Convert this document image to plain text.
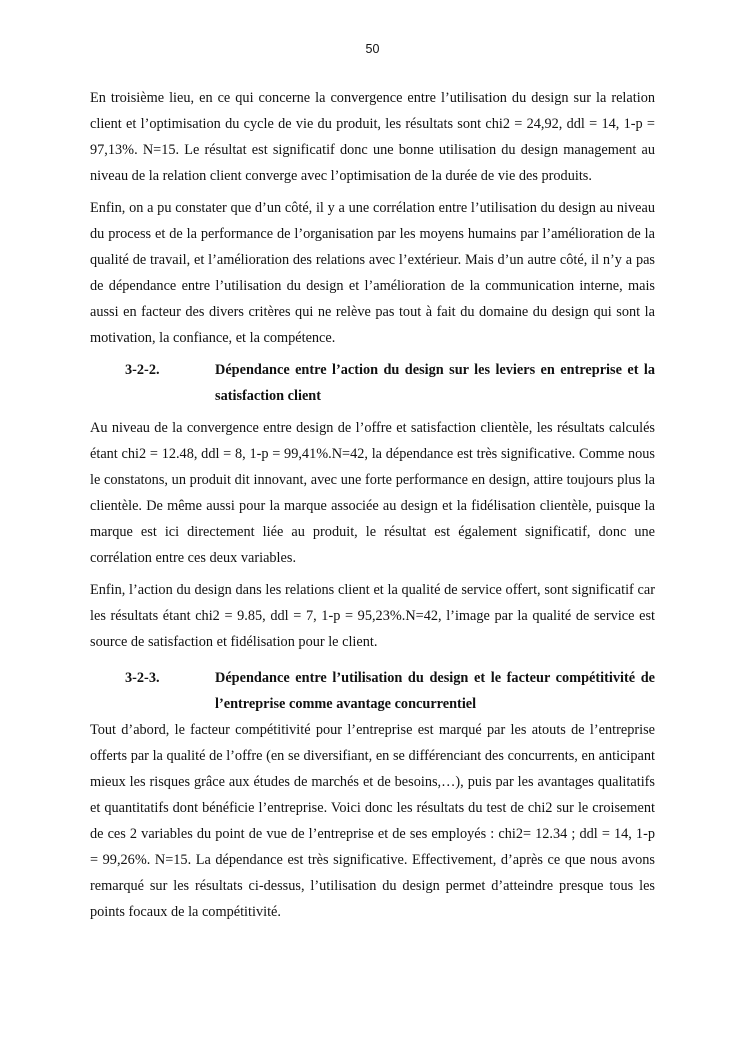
50

En troisième lieu, en ce qui concerne la convergence entre l’utilisation du design sur la relation client et l’optimisation du cycle de vie du produit, les résultats sont chi2 = 24,92, ddl = 14, 1-p = 97,13%. N=15. Le résultat est significatif donc une bonne utilisation du design management au niveau de la relation client converge avec l’optimisation de la durée de vie des produits.

Enfin, on a pu constater que d’un côté, il y a une corrélation entre l’utilisation du design au niveau du process et de la performance de l’organisation par les moyens humains par l’amélioration de la qualité de travail, et l’amélioration des relations avec l’extérieur. Mais d’un autre côté, il n’y a pas de dépendance entre l’utilisation du design et l’amélioration de la communication interne, mais aussi en facteur des divers critères qui ne relève pas tout à fait du domaine du design qui sont la motivation, la confiance, et la compétence.

3-2-2.	Dépendance entre l’action du design sur les leviers en entreprise et la satisfaction client

Au niveau de la convergence entre design de l’offre et satisfaction clientèle, les résultats calculés étant chi2 = 12.48, ddl = 8, 1-p = 99,41%.N=42, la dépendance est très significative. Comme nous le constatons, un produit dit innovant, avec une forte performance en design, attire toujours plus la clientèle. De même aussi pour la marque associée au design et la fidélisation clientèle, puisque la marque est ici directement liée au produit, le résultat est également significatif, donc une corrélation entre ces deux variables.

Enfin, l’action du design dans les relations client et la qualité de service offert, sont significatif car les résultats étant chi2 = 9.85, ddl = 7, 1-p = 95,23%.N=42, l’image par la qualité de service est source de satisfaction et fidélisation pour le client.

3-2-3.	Dépendance entre l’utilisation du design et le facteur compétitivité de l’entreprise comme avantage concurrentiel

Tout d’abord, le facteur compétitivité pour l’entreprise est marqué par les atouts de l’entreprise offerts par la qualité de l’offre (en se diversifiant, en se différenciant des concurrents, en anticipant mieux les risques grâce aux études de marchés et de besoins,…), puis par les avantages qualitatifs et quantitatifs dont bénéficie l’entreprise. Voici donc les résultats du test de chi2 sur le croisement de ces 2 variables du point de vue de l’entreprise et de ses employés : chi2= 12.34 ; ddl = 14, 1-p = 99,26%. N=15. La dépendance est très significative. Effectivement, d’après ce que nous avons remarqué sur les résultats ci-dessus, l’utilisation du design permet d’atteindre presque tous les points focaux de la compétitivité.
